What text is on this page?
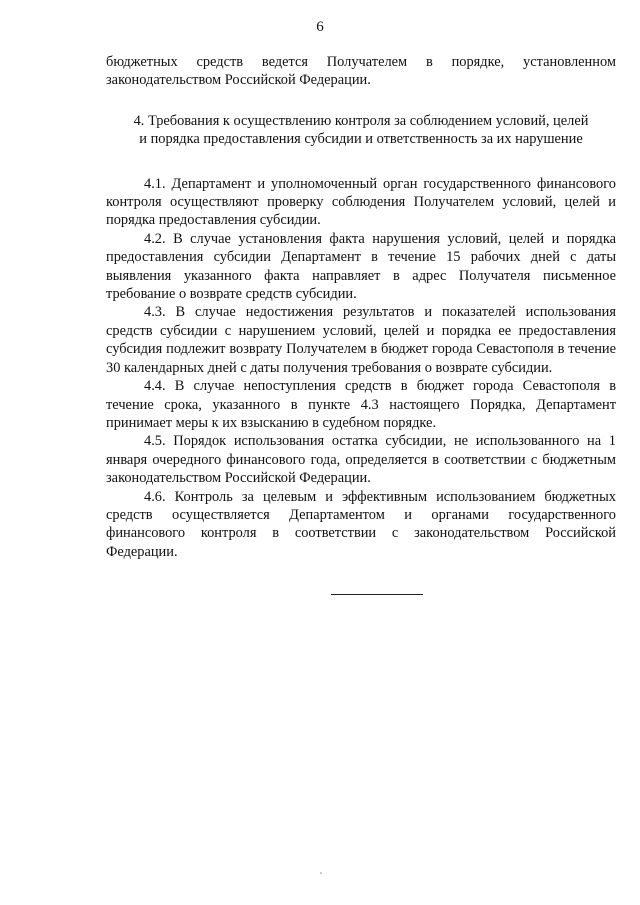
6

бюджетных средств ведется Получателем в порядке, установленном законодательством Российской Федерации.

4. Требования к осуществлению контроля за соблюдением условий, целей
и порядка предоставления субсидии и ответственность за их нарушение

4.1. Департамент и уполномоченный орган государственного финансового контроля осуществляют проверку соблюдения Получателем условий, целей и порядка предоставления субсидии.

4.2. В случае установления факта нарушения условий, целей и порядка предоставления субсидии Департамент в течение 15 рабочих дней с даты выявления указанного факта направляет в адрес Получателя письменное требование о возврате средств субсидии.

4.3. В случае недостижения результатов и показателей использования средств субсидии с нарушением условий, целей и порядка ее предоставления субсидия подлежит возврату Получателем в бюджет города Севастополя в течение 30 календарных дней с даты получения требования о возврате субсидии.

4.4. В случае непоступления средств в бюджет города Севастополя в течение срока, указанного в пункте 4.3 настоящего Порядка, Департамент принимает меры к их взысканию в судебном порядке.

4.5. Порядок использования остатка субсидии, не использованного на 1 января очередного финансового года, определяется в соответствии с бюджетным законодательством Российской Федерации.

4.6. Контроль за целевым и эффективным использованием бюджетных средств осуществляется Департаментом и органами государственного финансового контроля в соответствии с законодательством Российской Федерации.
